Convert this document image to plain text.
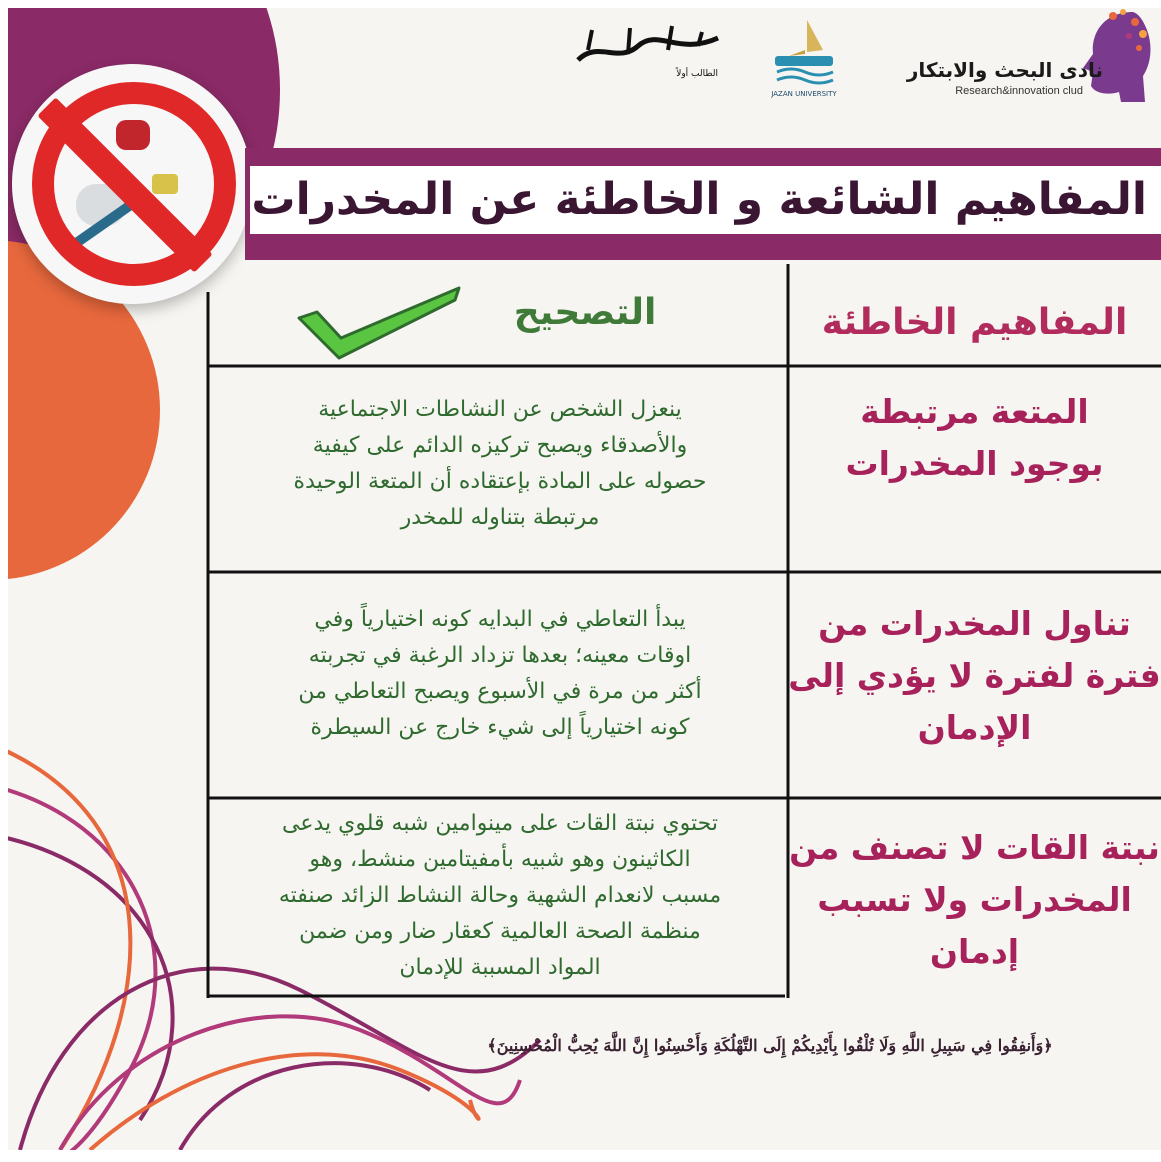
نادى البحث والابتكار
Research&innovation clud
JAZAN UNIVERSITY
الطالب أولاً
المفاهيم الشائعة و الخاطئة عن المخدرات
المفاهيم الخاطئة
التصحيح
المتعة مرتبطة
بوجود المخدرات
ينعزل الشخص عن النشاطات الاجتماعية
والأصدقاء ويصبح تركيزه الدائم على كيفية
حصوله على المادة بإعتقاده أن المتعة الوحيدة
مرتبطة بتناوله للمخدر
تناول المخدرات من
فترة لفترة لا يؤدي إلى
الإدمان
يبدأ التعاطي في البدايه كونه اختيارياً وفي
اوقات معينه؛ بعدها تزداد الرغبة في تجربته
أكثر من مرة في الأسبوع ويصبح التعاطي من
كونه اختيارياً إلى شيء خارج عن السيطرة
نبتة القات لا تصنف من
المخدرات ولا تسبب
إدمان
تحتوي نبتة القات على مينوامين شبه قلوي يدعى
الكاثينون وهو شبيه بأمفيتامين منشط، وهو
مسبب لانعدام الشهية وحالة النشاط الزائد صنفته
منظمة الصحة العالمية كعقار ضار ومن ضمن
المواد المسببة للإدمان
﴿وَأَنفِقُوا فِي سَبِيلِ اللَّهِ وَلَا تُلْقُوا بِأَيْدِيكُمْ إِلَى التَّهْلُكَةِ وَأَحْسِنُوا إِنَّ اللَّهَ يُحِبُّ الْمُحْسِنِينَ﴾
